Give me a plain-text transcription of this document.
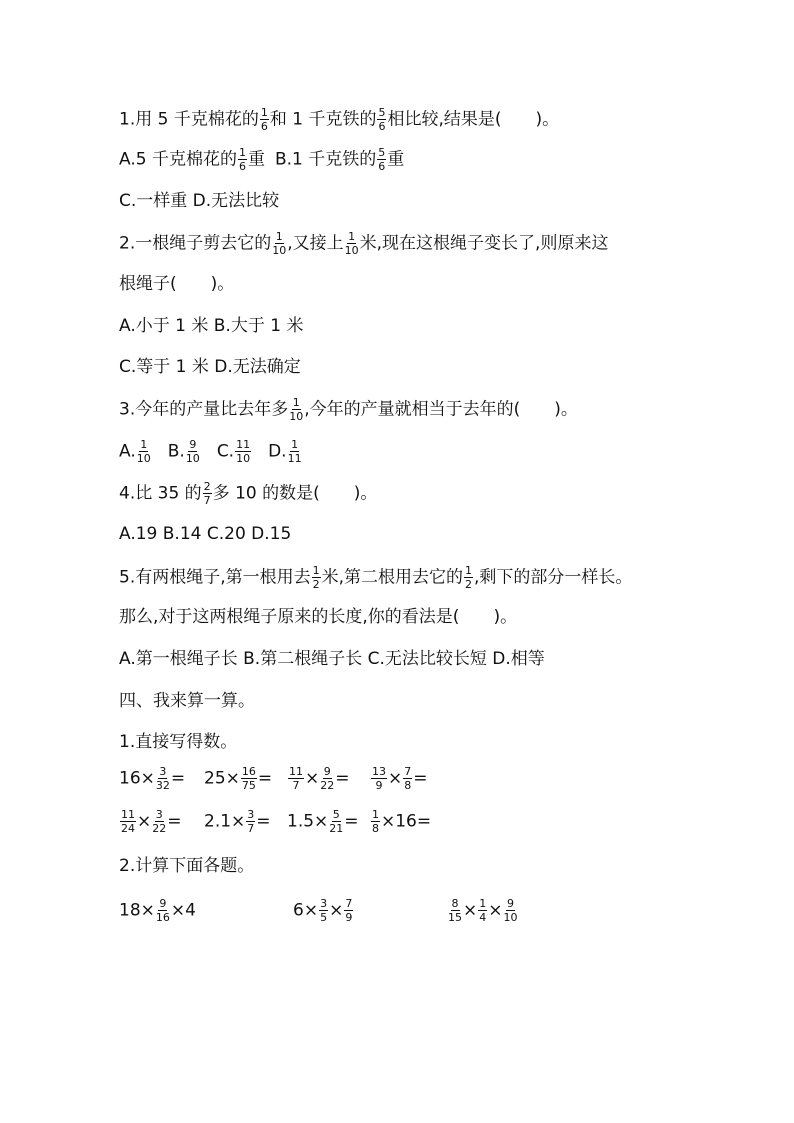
1.用 5 千克棉花的 $\frac{1}{6}$ 和 1 千克铁的 $\frac{5}{6}$ 相比较,结果是( )。
A.5 千克棉花的 $\frac{1}{6}$ 重 B.1 千克铁的 $\frac{5}{6}$ 重
C.一样重 D.无法比较
2.一根绳子剪去它的 $\frac{1}{10}$ ,又接上 $\frac{1}{10}$ 米,现在这根绳子变长了,则原来这
根绳子( )。
A.小于 1 米 B.大于 1 米
C.等于 1 米 D.无法确定
3.今年的产量比去年多 $\frac{1}{10}$ ,今年的产量就相当于去年的( )。
A. $\frac{1}{10} B$. $\frac{9}{10} C$. $\frac{11}{10} D$. $\frac{1}{11}$
4.比 35 的 $\frac{2}{7}$ 多 10 的数是( )。
A.19 B.14 C.20 D.15
5.有两根绳子,第一根用去 $\frac{1}{2}$ 米,第二根用去它的 $\frac{1}{2}$ ,剩下的部分一样长。
那么,对于这两根绳子原来的长度,你的看法是( )。
A.第一根绳子长 B.第二根绳子长 C.无法比较长短 D.相等
四、我来算一算。
1.直接写得数。
$16\times \frac{3}{32} = 25\times \frac{16}{75} = \frac{11}{7} \times \frac{9}{22} = \frac{13}{9} \times \frac{7}{8}$ =
$\frac{11}{24} \times \frac{3}{22} = 2.1\times \frac{3}{7} = 1.5\times \frac{5}{21} = \frac{1}{8} \times 16=$
2.计算下面各题。
$18\times \frac{9}{16} \times 4$	$6\times \frac{3}{5} \times \frac{7}{9}$	$\frac{8}{15} \times \frac{1}{4} \times \frac{9}{10}$
